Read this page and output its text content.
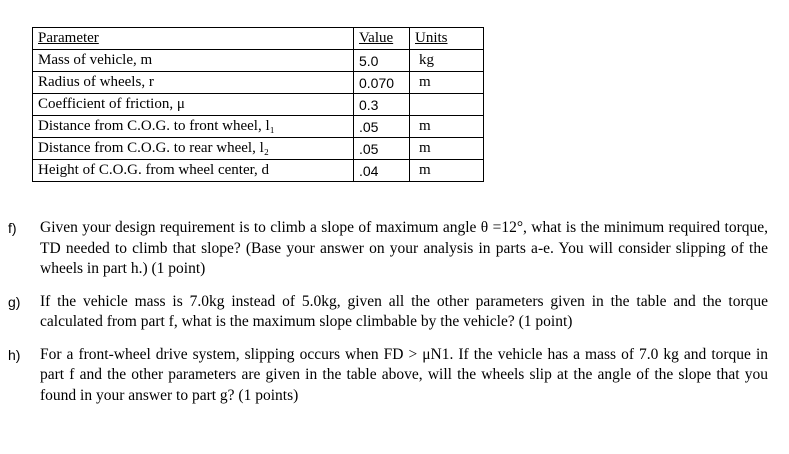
Parameter	Value	Units
Mass of vehicle, m	5.0	kg
Radius of wheels, r	0.070	m
Coefficient of friction, μ	0.3	
Distance from C.O.G. to front wheel, l₁	.05	m
Distance from C.O.G. to rear wheel, l₂	.05	m
Height of C.O.G. from wheel center, d	.04	m
f)	Given your design requirement is to climb a slope of maximum angle θ =12°, what is the minimum required torque, TD needed to climb that slope? (Base your answer on your analysis in parts a-e. You will consider slipping of the wheels in part h.) (1 point)
g)	If the vehicle mass is 7.0kg instead of 5.0kg, given all the other parameters given in the table and the torque calculated from part f, what is the maximum slope climbable by the vehicle? (1 point)
h)	For a front-wheel drive system, slipping occurs when FD > μN1. If the vehicle has a mass of 7.0 kg and torque in part f and the other parameters are given in the table above, will the wheels slip at the angle of the slope that you found in your answer to part g? (1 points)
